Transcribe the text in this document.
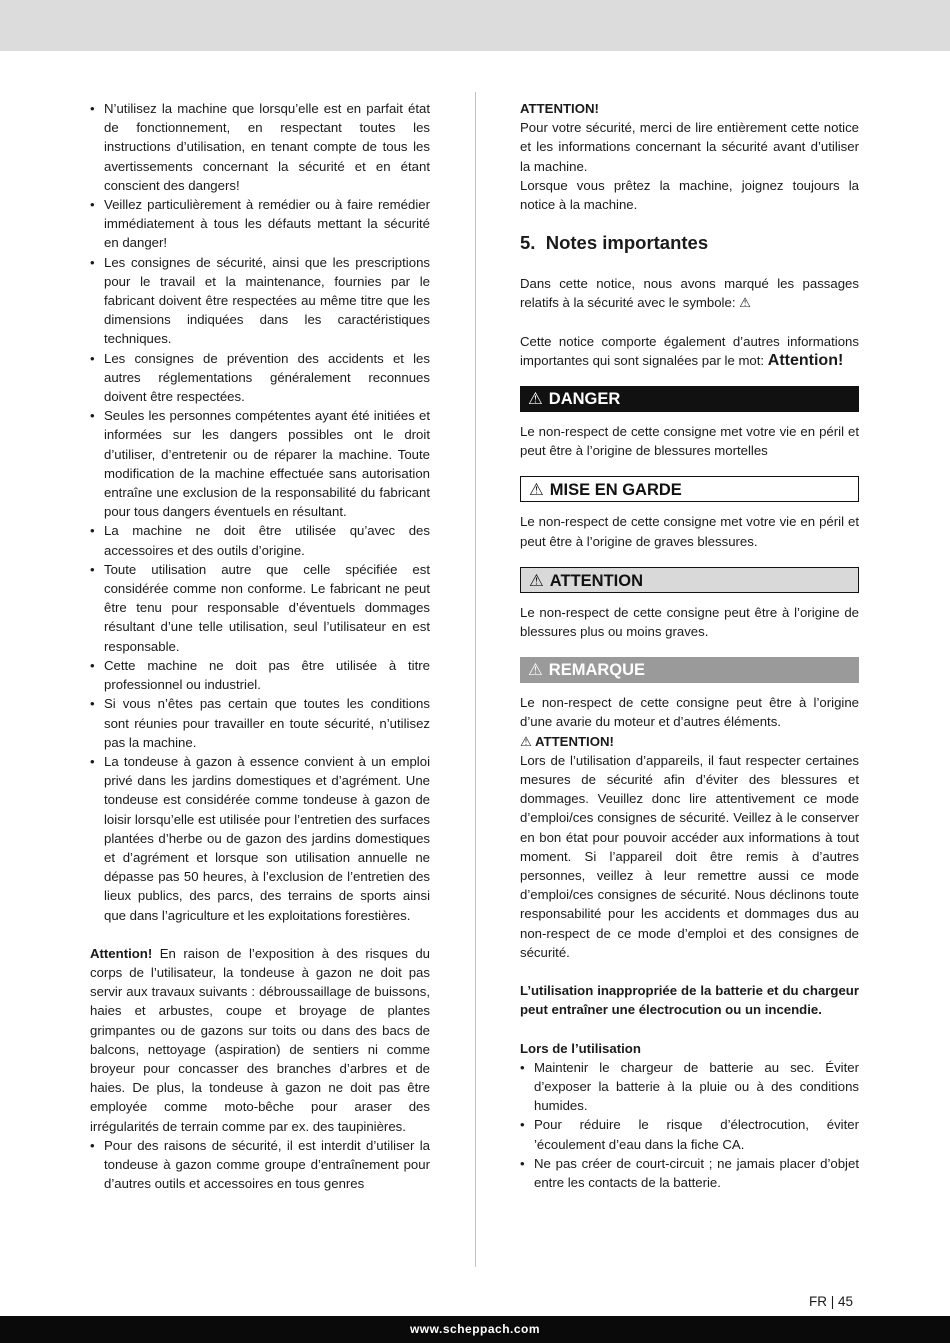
• N’utilisez la machine que lorsqu’elle est en parfait état de fonctionnement, en respectant toutes les instructions d’utilisation, en tenant compte de tous les avertissements concernant la sécurité et en étant conscient des dangers!
• Veillez particulièrement à remédier ou à faire remédier immédiatement à tous les défauts mettant la sécurité en danger!
• Les consignes de sécurité, ainsi que les prescriptions pour le travail et la maintenance, fournies par le fabricant doivent être respectées au même titre que les dimensions indiquées dans les caractéristiques techniques.
• Les consignes de prévention des accidents et les autres réglementations généralement reconnues doivent être respectées.
• Seules les personnes compétentes ayant été initiées et informées sur les dangers possibles ont le droit d’utiliser, d’entretenir ou de réparer la machine. Toute modification de la machine effectuée sans autorisation entraîne une exclusion de la responsabilité du fabricant pour tous dangers éventuels en résultant.
• La machine ne doit être utilisée qu’avec des accessoires et des outils d’origine.
• Toute utilisation autre que celle spécifiée est considérée comme non conforme. Le fabricant ne peut être tenu pour responsable d’éventuels dommages résultant d’une telle utilisation, seul l’utilisateur en est responsable.
• Cette machine ne doit pas être utilisée à titre professionnel ou industriel.
• Si vous n’êtes pas certain que toutes les conditions sont réunies pour travailler en toute sécurité, n’utilisez pas la machine.
• La tondeuse à gazon à essence convient à un emploi privé dans les jardins domestiques et d’agrément. Une tondeuse est considérée comme tondeuse à gazon de loisir lorsqu’elle est utilisée pour l’entretien des surfaces plantées d’herbe ou de gazon des jardins domestiques et d’agrément et lorsque son utilisation annuelle ne dépasse pas 50 heures, à l’exclusion de l’entretien des lieux publics, des parcs, des terrains de sports ainsi que dans l’agriculture et les exploitations forestières.

Attention! En raison de l’exposition à des risques du corps de l’utilisateur, la tondeuse à gazon ne doit pas servir aux travaux suivants : débroussaillage de buissons, haies et arbustes, coupe et broyage de plantes grimpantes ou de gazons sur toits ou dans des bacs de balcons, nettoyage (aspiration) de sentiers ni comme broyeur pour concasser des branches d’arbres et de haies. De plus, la tondeuse à gazon ne doit pas être employée comme moto-bêche pour araser des irrégularités de terrain comme par ex. des taupinières.

• Pour des raisons de sécurité, il est interdit d’utiliser la tondeuse à gazon comme groupe d’entraînement pour d’autres outils et accessoires en tous genres

ATTENTION!

Pour votre sécurité, merci de lire entièrement cette notice et les informations concernant la sécurité avant d’utiliser la machine.

Lorsque vous prêtez la machine, joignez toujours la notice à la machine.

5. Notes importantes

Dans cette notice, nous avons marqué les passages relatifs à la sécurité avec le symbole: ⚠

Cette notice comporte également d’autres informations importantes qui sont signalées par le mot: Attention!

⚠ DANGER

Le non-respect de cette consigne met votre vie en péril et peut être à l’origine de blessures mortelles

⚠ MISE EN GARDE

Le non-respect de cette consigne met votre vie en péril et peut être à l’origine de graves blessures.

⚠ ATTENTION

Le non-respect de cette consigne peut être à l’origine de blessures plus ou moins graves.

⚠ REMARQUE

Le non-respect de cette consigne peut être à l’origine d’une avarie du moteur et d’autres éléments.

⚠ ATTENTION!

Lors de l’utilisation d’appareils, il faut respecter certaines mesures de sécurité afin d’éviter des blessures et dommages. Veuillez donc lire attentivement ce mode d’emploi/ces consignes de sécurité. Veillez à le conserver en bon état pour pouvoir accéder aux informations à tout moment. Si l’appareil doit être remis à d’autres personnes, veillez à leur remettre aussi ce mode d’emploi/ces consignes de sécurité. Nous déclinons toute responsabilité pour les accidents et dommages dus au non-respect de ce mode d’emploi et des consignes de sécurité.

L’utilisation inappropriée de la batterie et du chargeur peut entraîner une électrocution ou un incendie.

Lors de l’utilisation

• Maintenir le chargeur de batterie au sec. Éviter d’exposer la batterie à la pluie ou à des conditions humides.
• Pour réduire le risque d’électrocution, éviter ’écoulement d’eau dans la fiche CA.
• Ne pas créer de court-circuit ; ne jamais placer d’objet entre les contacts de la batterie.
FR | 45
www.scheppach.com
